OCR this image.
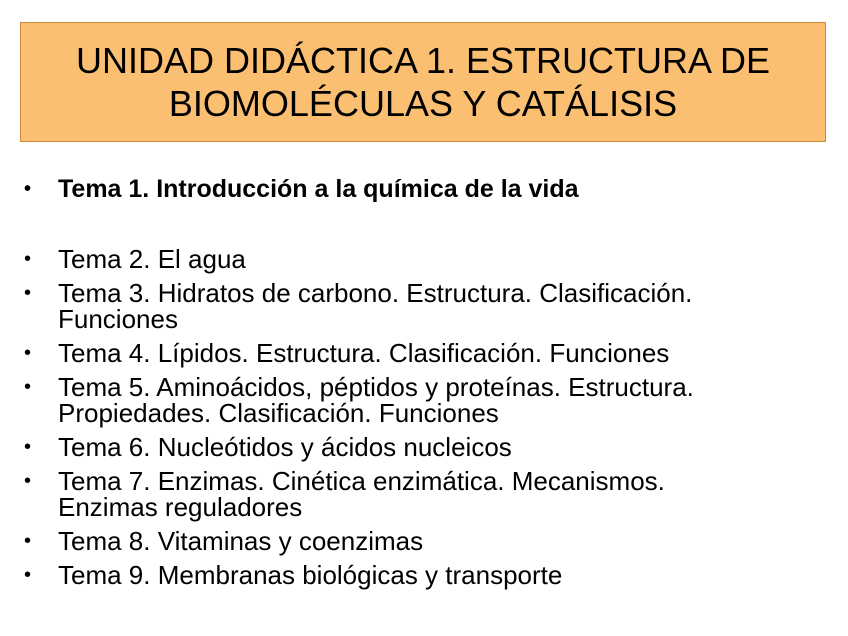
UNIDAD DIDÁCTICA 1. ESTRUCTURA DE
BIOMOLÉCULAS Y CATÁLISIS
•	Tema 1. Introducción a la química de la vida
•	Tema 2. El agua
•	Tema 3. Hidratos de carbono. Estructura. Clasificación.
Funciones
•	Tema 4. Lípidos. Estructura. Clasificación. Funciones
•	Tema 5. Aminoácidos, péptidos y proteínas. Estructura.
Propiedades. Clasificación. Funciones
•	Tema 6. Nucleótidos y ácidos nucleicos
•	Tema 7. Enzimas. Cinética enzimática. Mecanismos.
Enzimas reguladores
•	Tema 8. Vitaminas y coenzimas
•	Tema 9. Membranas biológicas y transporte
